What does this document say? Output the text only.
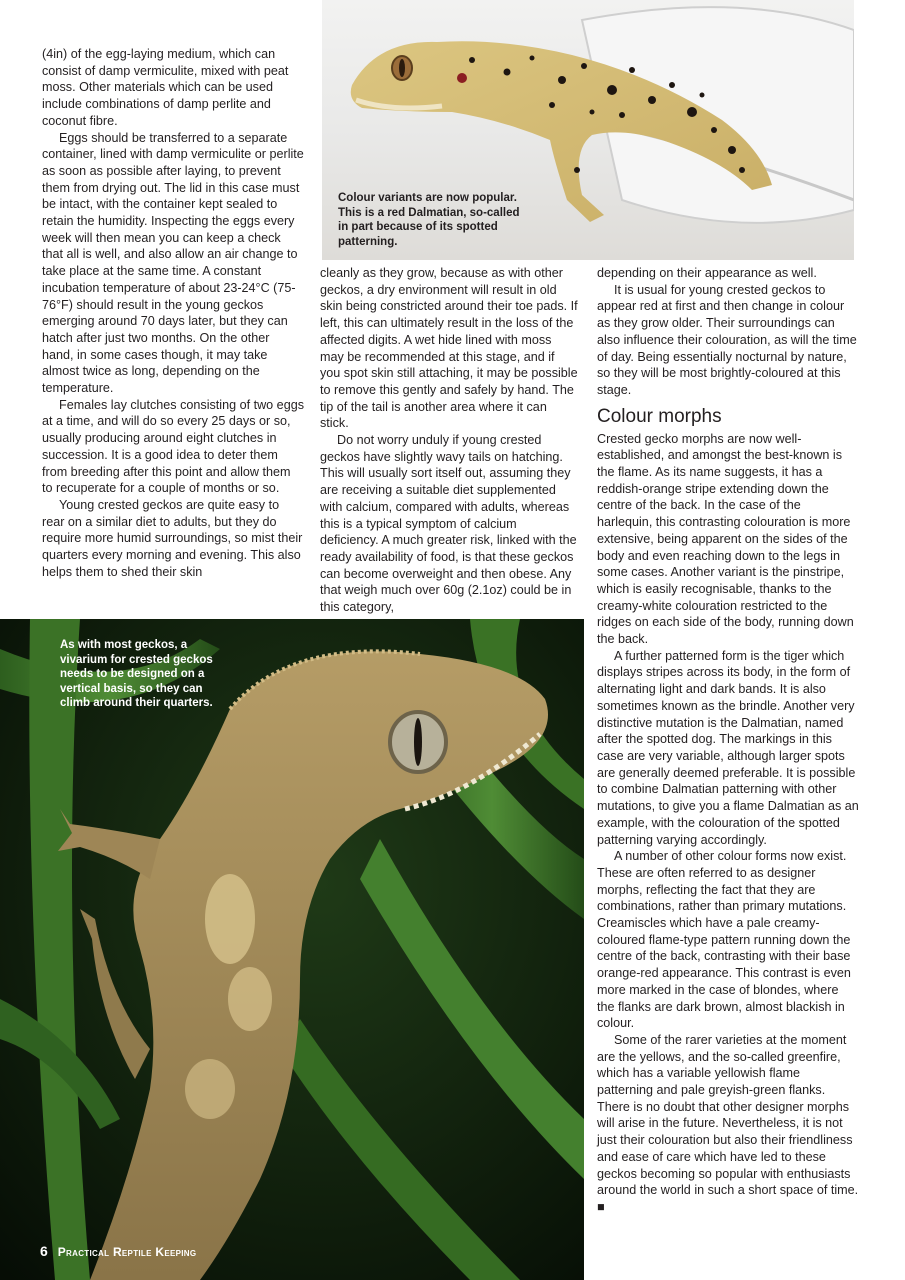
Colour variants are now popular. This is a red Dalmatian, so-called in part because of its spotted patterning.

(4in) of the egg-laying medium, which can consist of damp vermiculite, mixed with peat moss. Other materials which can be used include combinations of damp perlite and coconut fibre.

Eggs should be transferred to a separate container, lined with damp vermiculite or perlite as soon as possible after laying, to prevent them from drying out. The lid in this case must be intact, with the container kept sealed to retain the humidity. Inspecting the eggs every week will then mean you can keep a check that all is well, and also allow an air change to take place at the same time. A constant incubation temperature of about 23-24°C (75-76°F) should result in the young geckos emerging around 70 days later, but they can hatch after just two months. On the other hand, in some cases though, it may take almost twice as long, depending on the temperature.

Females lay clutches consisting of two eggs at a time, and will do so every 25 days or so, usually producing around eight clutches in succession. It is a good idea to deter them from breeding after this point and allow them to recuperate for a couple of months or so.

Young crested geckos are quite easy to rear on a similar diet to adults, but they do require more humid surroundings, so mist their quarters every morning and evening. This also helps them to shed their skin

cleanly as they grow, because as with other geckos, a dry environment will result in old skin being constricted around their toe pads. If left, this can ultimately result in the loss of the affected digits. A wet hide lined with moss may be recommended at this stage, and if you spot skin still attaching, it may be possible to remove this gently and safely by hand. The tip of the tail is another area where it can stick.

Do not worry unduly if young crested geckos have slightly wavy tails on hatching. This will usually sort itself out, assuming they are receiving a suitable diet supplemented with calcium, compared with adults, whereas this is a typical symptom of calcium deficiency. A much greater risk, linked with the ready availability of food, is that these geckos can become overweight and then obese. Any that weigh much over 60g (2.1oz) could be in this category,

depending on their appearance as well.

It is usual for young crested geckos to appear red at first and then change in colour as they grow older. Their surroundings can also influence their colouration, as will the time of day. Being essentially nocturnal by nature, so they will be most brightly-coloured at this stage.

Colour morphs

Crested gecko morphs are now well-established, and amongst the best-known is the flame. As its name suggests, it has a reddish-orange stripe extending down the centre of the back. In the case of the harlequin, this contrasting colouration is more extensive, being apparent on the sides of the body and even reaching down to the legs in some cases. Another variant is the pinstripe, which is easily recognisable, thanks to the creamy-white colouration restricted to the ridges on each side of the body, running down the back.

A further patterned form is the tiger which displays stripes across its body, in the form of alternating light and dark bands. It is also sometimes known as the brindle. Another very distinctive mutation is the Dalmatian, named after the spotted dog. The markings in this case are very variable, although larger spots are generally deemed preferable. It is possible to combine Dalmatian patterning with other mutations, to give you a flame Dalmatian as an example, with the colouration of the spotted patterning varying accordingly.

A number of other colour forms now exist. These are often referred to as designer morphs, reflecting the fact that they are combinations, rather than primary mutations. Creamiscles which have a pale creamy-coloured flame-type pattern running down the centre of the back, contrasting with their base orange-red appearance. This contrast is even more marked in the case of blondes, where the flanks are dark brown, almost blackish in colour.

Some of the rarer varieties at the moment are the yellows, and the so-called greenfire, which has a variable yellowish flame patterning and pale greyish-green flanks. There is no doubt that other designer morphs will arise in the future. Nevertheless, it is not just their colouration but also their friendliness and ease of care which have led to these geckos becoming so popular with enthusiasts around the world in such a short space of time. ■

As with most geckos, a vivarium for crested geckos needs to be designed on a vertical basis, so they can climb around their quarters.
6 Practical Reptile Keeping
